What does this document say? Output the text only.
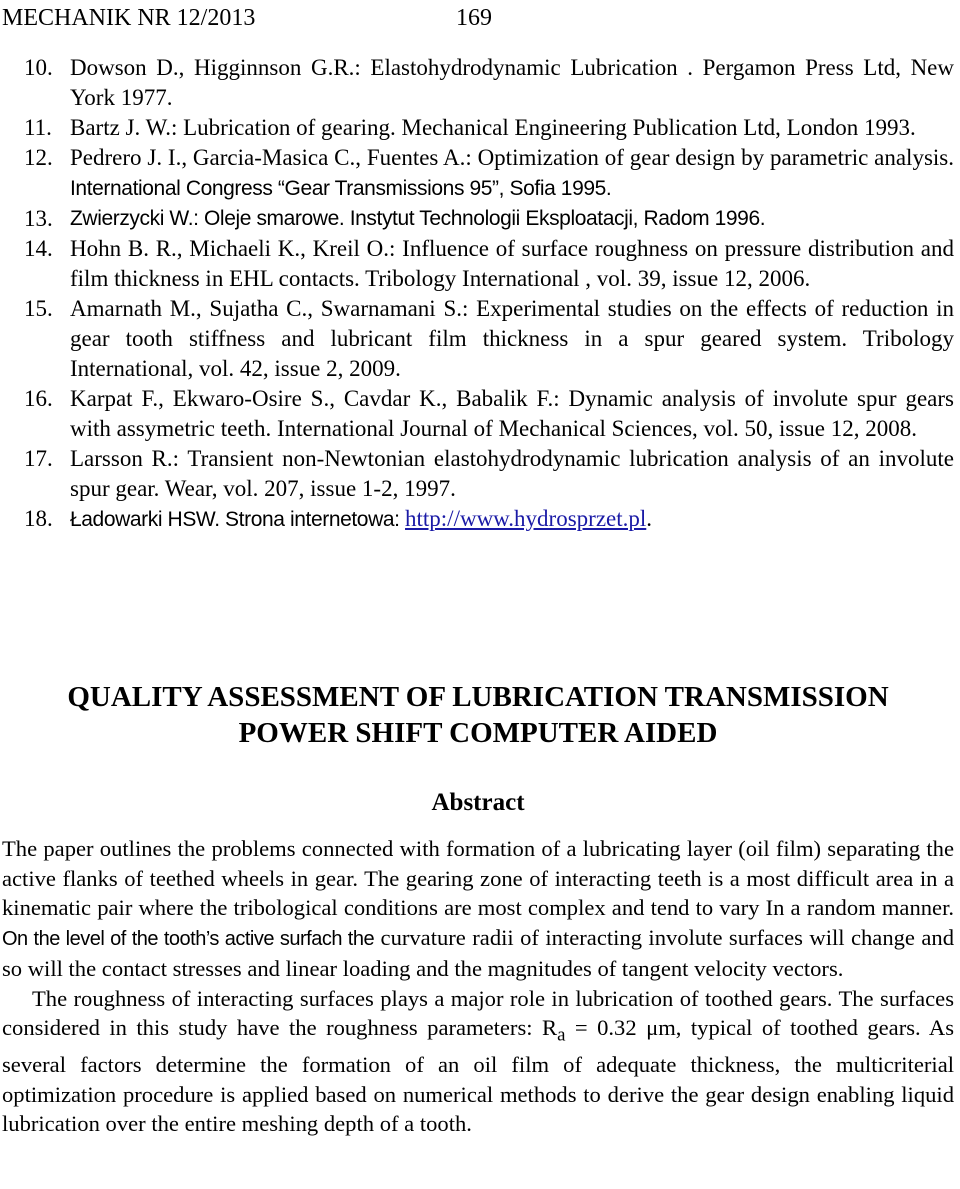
MECHANIK NR 12/2013	169
10. Dowson D., Higginnson G.R.: Elastohydrodynamic Lubrication . Pergamon Press Ltd, New York 1977.
11. Bartz J. W.: Lubrication of gearing. Mechanical Engineering Publication Ltd, London 1993.
12. Pedrero J. I., Garcia-Masica C., Fuentes A.: Optimization of gear design by parametric analysis. International Congress “Gear Transmissions 95”, Sofia 1995.
13. Zwierzycki W.: Oleje smarowe. Instytut Technologii Eksploatacji, Radom 1996.
14. Hohn B. R., Michaeli K., Kreil O.: Influence of surface roughness on pressure distribution and film thickness in EHL contacts. Tribology International , vol. 39, issue 12, 2006.
15. Amarnath M., Sujatha C., Swarnamani S.: Experimental studies on the effects of reduction in gear tooth stiffness and lubricant film thickness in a spur geared system. Tribology International, vol. 42, issue 2, 2009.
16. Karpat F., Ekwaro-Osire S., Cavdar K., Babalik F.: Dynamic analysis of involute spur gears with assymetric teeth. International Journal of Mechanical Sciences, vol. 50, issue 12, 2008.
17. Larsson R.: Transient non-Newtonian elastohydrodynamic lubrication analysis of an involute spur gear. Wear, vol. 207, issue 1-2, 1997.
18. Ładowarki HSW. Strona internetowa: http://www.hydrosprzet.pl.
QUALITY ASSESSMENT OF LUBRICATION TRANSMISSION
POWER SHIFT COMPUTER AIDED
Abstract

The paper outlines the problems connected with formation of a lubricating layer (oil film) separating the active flanks of teethed wheels in gear. The gearing zone of interacting teeth is a most difficult area in a kinematic pair where the tribological conditions are most complex and tend to vary In a random manner. On the level of the tooth’s active surfach the curvature radii of interacting involute surfaces will change and so will the contact stresses and linear loading and the magnitudes of tangent velocity vectors.

The roughness of interacting surfaces plays a major role in lubrication of toothed gears. The surfaces considered in this study have the roughness parameters: $R_a = 0.32$ μm, typical of toothed gears. As several factors determine the formation of an oil film of adequate thickness, the multicriterial optimization procedure is applied based on numerical methods to derive the gear design enabling liquid lubrication over the entire meshing depth of a tooth.
